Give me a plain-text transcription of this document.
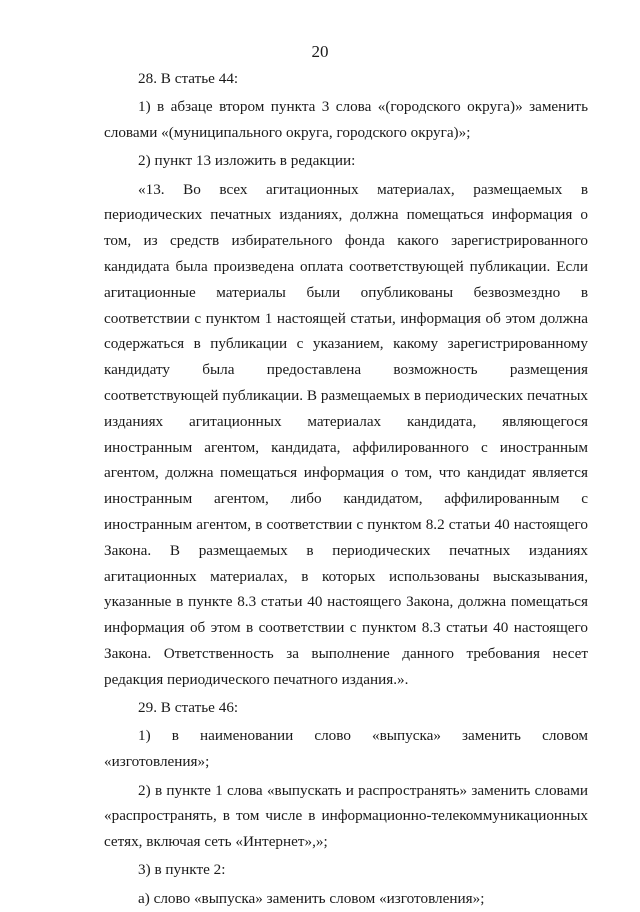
20

28. В статье 44:

1) в абзаце втором пункта 3 слова «(городского округа)» заменить словами «(муниципального округа, городского округа)»;

2) пункт 13 изложить в редакции:

«13. Во всех агитационных материалах, размещаемых в периодических печатных изданиях, должна помещаться информация о том, из средств избирательного фонда какого зарегистрированного кандидата была произведена оплата соответствующей публикации. Если агитационные материалы были опубликованы безвозмездно в соответствии с пунктом 1 настоящей статьи, информация об этом должна содержаться в публикации с указанием, какому зарегистрированному кандидату была предоставлена возможность размещения соответствующей публикации. В размещаемых в периодических печатных изданиях агитационных материалах кандидата, являющегося иностранным агентом, кандидата, аффилированного с иностранным агентом, должна помещаться информация о том, что кандидат является иностранным агентом, либо кандидатом, аффилированным с иностранным агентом, в соответствии с пунктом 8.2 статьи 40 настоящего Закона. В размещаемых в периодических печатных изданиях агитационных материалах, в которых использованы высказывания, указанные в пункте 8.3 статьи 40 настоящего Закона, должна помещаться информация об этом в соответствии с пунктом 8.3 статьи 40 настоящего Закона. Ответственность за выполнение данного требования несет редакция периодического печатного издания.».

29. В статье 46:

1) в наименовании слово «выпуска» заменить словом «изготовления»;

2) в пункте 1 слова «выпускать и распространять» заменить словами «распространять, в том числе в информационно-телекоммуникационных сетях, включая сеть «Интернет»,»;

3) в пункте 2:

а) слово «выпуска» заменить словом «изготовления»;
